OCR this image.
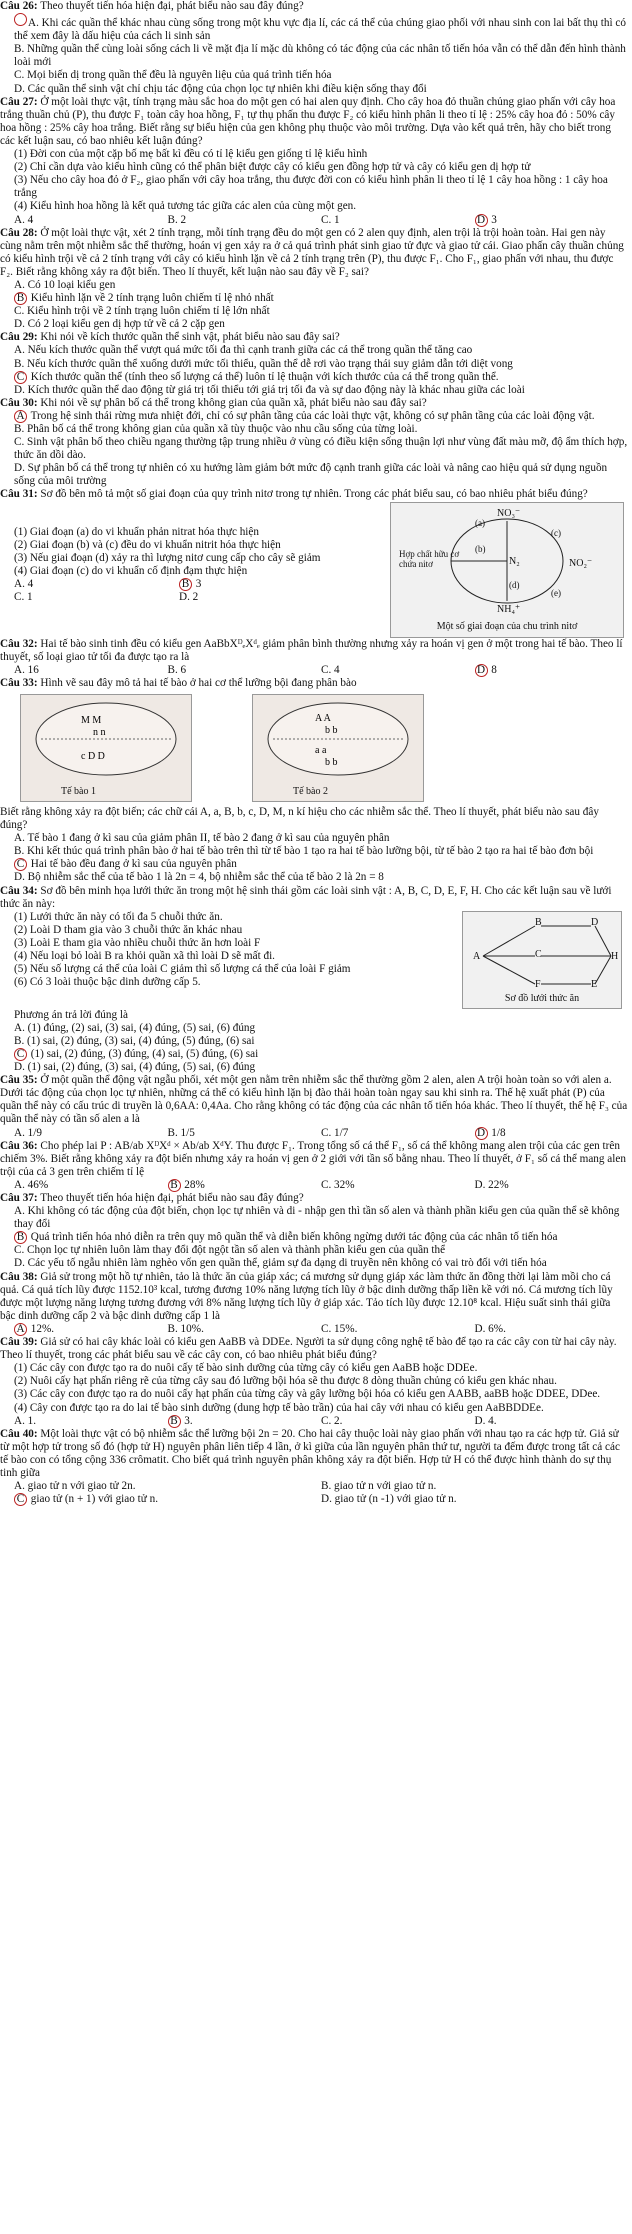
Câu 26: Theo thuyết tiến hóa hiện đại, phát biểu nào sau đây đúng?
A. Khi các quần thể khác nhau cùng sống trong một khu vực địa lí, các cá thể của chúng giao phối với nhau sinh con lai bất thụ thì có thể xem đây là dấu hiệu của cách li sinh sản
B. Những quần thể cùng loài sống cách li về mặt địa lí mặc dù không có tác động của các nhân tố tiến hóa vẫn có thể dẫn đến hình thành loài mới
C. Mọi biến dị trong quần thể đều là nguyên liệu của quá trình tiến hóa
D. Các quần thể sinh vật chỉ chịu tác động của chọn lọc tự nhiên khi điều kiện sống thay đổi
Câu 27: Ở một loài thực vật, tính trạng màu sắc hoa do một gen có hai alen quy định. Cho cây hoa đỏ thuần chủng giao phấn với cây hoa trắng thuần chủ (P), thu được F₁ toàn cây hoa hồng, F₁ tự thụ phấn thu được F₂ có kiểu hình phân li theo tỉ lệ : 25% cây hoa đỏ : 50% cây hoa hồng : 25% cây hoa trắng. Biết rằng sự biểu hiện của gen không phụ thuộc vào môi trường. Dựa vào kết quả trên, hãy cho biết trong các kết luận sau, có bao nhiêu kết luận đúng?
(1) Đời con của một cặp bố mẹ bất kì đều có tỉ lệ kiểu gen giống tỉ lệ kiểu hình
(2) Chỉ cần dựa vào kiểu hình cũng có thể phân biệt được cây có kiểu gen đồng hợp tử và cây có kiểu gen dị hợp tử
(3) Nếu cho cây hoa đỏ ở F₂, giao phấn với cây hoa trắng, thu được đời con có kiểu hình phân li theo tỉ lệ 1 cây hoa hồng : 1 cây hoa trắng
(4) Kiểu hình hoa hồng là kết quả tương tác giữa các alen của cùng một gen.
A. 4	B. 2	C. 1	D 3
Câu 28: Ở một loài thực vật, xét 2 tính trạng, mỗi tính trạng đều do một gen có 2 alen quy định, alen trội là trội hoàn toàn. Hai gen này cùng nằm trên một nhiễm sắc thể thường, hoán vị gen xảy ra ở cả quá trình phát sinh giao tử đực và giao tử cái. Giao phấn cây thuần chủng có kiểu hình trội về cả 2 tính trạng với cây có kiểu hình lặn về cả 2 tính trạng trên (P), thu được F₁. Cho F₁, giao phấn với nhau, thu được F₂. Biết rằng không xảy ra đột biến. Theo lí thuyết, kết luận nào sau đây về F₂ sai?
A. Có 10 loại kiểu gen
B Kiểu hình lặn về 2 tính trạng luôn chiếm tỉ lệ nhỏ nhất
C. Kiểu hình trội về 2 tính trạng luôn chiếm tỉ lệ lớn nhất
D. Có 2 loại kiểu gen dị hợp tử về cả 2 cặp gen
Câu 29: Khi nói về kích thước quần thể sinh vật, phát biểu nào sau đây sai?
A. Nếu kích thước quần thể vượt quá mức tối đa thì cạnh tranh giữa các cá thể trong quần thể tăng cao
B. Nếu kích thước quần thể xuống dưới mức tối thiểu, quần thể dễ rơi vào trạng thái suy giảm dẫn tới diệt vong
C Kích thước quần thể (tính theo số lượng cá thể) luôn tỉ lệ thuận với kích thước của cá thể trong quần thể.
D. Kích thước quần thể dao động từ giá trị tối thiểu tới giá trị tối đa và sự dao động này là khác nhau giữa các loài
Câu 30: Khi nói về sự phân bố cá thể trong không gian của quần xã, phát biểu nào sau đây sai?
A Trong hệ sinh thái rừng mưa nhiệt đới, chỉ có sự phân tầng của các loài thực vật, không có sự phân tầng của các loài động vật.
B. Phân bố cá thể trong không gian của quần xã tùy thuộc vào nhu cầu sống của từng loài.
C. Sinh vật phân bố theo chiều ngang thường tập trung nhiều ở vùng có điều kiện sống thuận lợi như vùng đất màu mỡ, độ ẩm thích hợp, thức ăn dồi dào.
D. Sự phân bố cá thể trong tự nhiên có xu hướng làm giảm bớt mức độ cạnh tranh giữa các loài và nâng cao hiệu quả sử dụng nguồn sống của môi trường
Câu 31: Sơ đồ bên mô tả một số giai đoạn của quy trình nitơ trong tự nhiên. Trong các phát biểu sau, có bao nhiêu phát biểu đúng?
(1) Giai đoạn (a) do vi khuẩn phản nitrat hóa thực hiện
(2) Giai đoạn (b) và (c) đều do vi khuẩn nitrit hóa thực hiện
(3) Nếu giai đoạn (d) xảy ra thì lượng nitơ cung cấp cho cây sẽ giảm
(4) Giai đoạn (c) do vi khuẩn cố định đạm thực hiện
A. 4	B 3
C. 1	D. 2
NO₃⁻
NO₂⁻
NH₄⁺
N₂
Hợp chất hữu cơ chứa nitơ
(a)
(b)
(c)
(d)
(e)
Một số giai đoạn của chu trình nitơ
Câu 32: Hai tế bào sinh tinh đều có kiểu gen AaBbXᴰₑXᵈₑ giảm phân bình thường nhưng xảy ra hoán vị gen ở một trong hai tế bào. Theo lí thuyết, số loại giao tử tối đa được tạo ra là
A. 16	B. 6	C. 4	D 8
Câu 33: Hình vẽ sau đây mô tả hai tế bào ở hai cơ thể lưỡng bội đang phân bào
M M
n n
c D D
Tế bào 1
A A
b b
a a
b b
Tế bào 2
Biết rằng không xảy ra đột biến; các chữ cái A, a, B, b, c, D, M, n kí hiệu cho các nhiễm sắc thể. Theo lí thuyết, phát biểu nào sau đây đúng?
A. Tế bào 1 đang ở kì sau của giảm phân II, tế bào 2 đang ở kì sau của nguyên phân
B. Khi kết thúc quá trình phân bào ở hai tế bào trên thì từ tế bào 1 tạo ra hai tế bào lưỡng bội, từ tế bào 2 tạo ra hai tế bào đơn bội
C Hai tế bào đều đang ở kì sau của nguyên phân
D. Bộ nhiễm sắc thể của tế bào 1 là 2n = 4, bộ nhiễm sắc thể của tế bào 2 là 2n = 8
Câu 34: Sơ đồ bên minh họa lưới thức ăn trong một hệ sinh thái gồm các loài sinh vật : A, B, C, D, E, F, H. Cho các kết luận sau về lưới thức ăn này:
(1) Lưới thức ăn này có tối đa 5 chuỗi thức ăn.
(2) Loài D tham gia vào 3 chuỗi thức ăn khác nhau
(3) Loài E tham gia vào nhiều chuỗi thức ăn hơn loài F
(4) Nếu loại bỏ loài B ra khỏi quần xã thì loài D sẽ mất đi.
(5) Nếu số lượng cá thể của loài C giảm thì số lượng cá thể của loài F giảm
(6) Có 3 loài thuộc bậc dinh dưỡng cấp 5.
A
B
C
F
D
E
H
Sơ đồ lưới thức ăn
Phương án trả lời đúng là
A. (1) đúng, (2) sai, (3) sai, (4) đúng, (5) sai, (6) đúng
B. (1) sai, (2) đúng, (3) sai, (4) đúng, (5) đúng, (6) sai
C (1) sai, (2) đúng, (3) đúng, (4) sai, (5) đúng, (6) sai
D. (1) sai, (2) đúng, (3) sai, (4) đúng, (5) sai, (6) đúng
Câu 35: Ở một quần thể động vật ngẫu phối, xét một gen nằm trên nhiễm sắc thể thường gồm 2 alen, alen A trội hoàn toàn so với alen a. Dưới tác động của chọn lọc tự nhiên, những cá thể có kiểu hình lặn bị đào thải hoàn toàn ngay sau khi sinh ra. Thế hệ xuất phát (P) của quần thể này có cấu trúc di truyền là 0,6AA: 0,4Aa. Cho rằng không có tác động của các nhân tố tiến hóa khác. Theo lí thuyết, thế hệ F₃ của quần thể này có tần số alen a là
A. 1/9	B. 1/5	C. 1/7	D 1/8
Câu 36: Cho phép lai P : AB/ab XᴰXᵈ × Ab/ab XᵈY. Thu được F₁. Trong tổng số cá thể F₁, số cá thể không mang alen trội của các gen trên chiếm 3%. Biết rằng không xảy ra đột biến nhưng xảy ra hoán vị gen ở 2 giới với tần số bằng nhau. Theo lí thuyết, ở F₁ số cá thể mang alen trội của cả 3 gen trên chiếm tỉ lệ
A. 46%	B 28%	C. 32%	D. 22%
Câu 37: Theo thuyết tiến hóa hiện đại, phát biểu nào sau đây đúng?
A. Khi không có tác động của đột biến, chọn lọc tự nhiên và di - nhập gen thì tần số alen và thành phần kiểu gen của quần thể sẽ không thay đổi
B Quá trình tiến hóa nhỏ diễn ra trên quy mô quần thể và diễn biến không ngừng dưới tác động của các nhân tố tiến hóa
C. Chọn lọc tự nhiên luôn làm thay đổi đột ngột tần số alen và thành phần kiểu gen của quần thể
D. Các yếu tố ngẫu nhiên làm nghèo vốn gen quần thể, giảm sự đa dạng di truyền nên không có vai trò đối với tiến hóa
Câu 38: Giả sử trong một hồ tự nhiên, tảo là thức ăn của giáp xác; cá mương sử dụng giáp xác làm thức ăn đồng thời lại làm mồi cho cá quả. Cá quả tích lũy được 1152.10³ kcal, tương đương 10% năng lượng tích lũy ở bậc dinh dưỡng thấp liền kề với nó. Cá mương tích lũy được một lượng năng lượng tương đương với 8% năng lượng tích lũy ở giáp xác. Tảo tích lũy được 12.10⁸ kcal. Hiệu suất sinh thái giữa bậc dinh dưỡng cấp 2 và bậc dinh dưỡng cấp 1 là
A 12%.	B. 10%.	C. 15%.	D. 6%.
Câu 39: Giả sử có hai cây khác loài có kiểu gen AaBB và DDEe. Người ta sử dụng công nghệ tế bào để tạo ra các cây con từ hai cây này. Theo lí thuyết, trong các phát biểu sau về các cây con, có bao nhiêu phát biểu đúng?
(1) Các cây con được tạo ra do nuôi cấy tế bào sinh dưỡng của từng cây có kiểu gen AaBB hoặc DDEe.
(2) Nuôi cấy hạt phấn riêng rẽ của từng cây sau đó lưỡng bội hóa sẽ thu được 8 dòng thuần chủng có kiểu gen khác nhau.
(3) Các cây con được tạo ra do nuôi cấy hạt phấn của từng cây và gây lưỡng bội hóa có kiểu gen AABB, aaBB hoặc DDEE, DDee.
(4) Cây con được tạo ra do lai tế bào sinh dưỡng (dung hợp tế bào trần) của hai cây với nhau có kiểu gen AaBBDDEe.
A. 1.	B 3.	C. 2.	D. 4.
Câu 40: Một loài thực vật có bộ nhiễm sắc thể lưỡng bội 2n = 20. Cho hai cây thuộc loài này giao phấn với nhau tạo ra các hợp tử. Giả sử từ một hợp tử trong số đó (hợp tử H) nguyên phân liên tiếp 4 lần, ở kì giữa của lần nguyên phân thứ tư, người ta đếm được trong tất cả các tế bào con có tổng cộng 336 crômatit. Cho biết quá trình nguyên phân không xảy ra đột biến. Hợp tử H có thể được hình thành do sự thụ tinh giữa
A. giao tử n với giao tử 2n.	B. giao tử n với giao tử n.
C giao tử (n + 1) với giao tử n.	D. giao tử (n -1) với giao tử n.
